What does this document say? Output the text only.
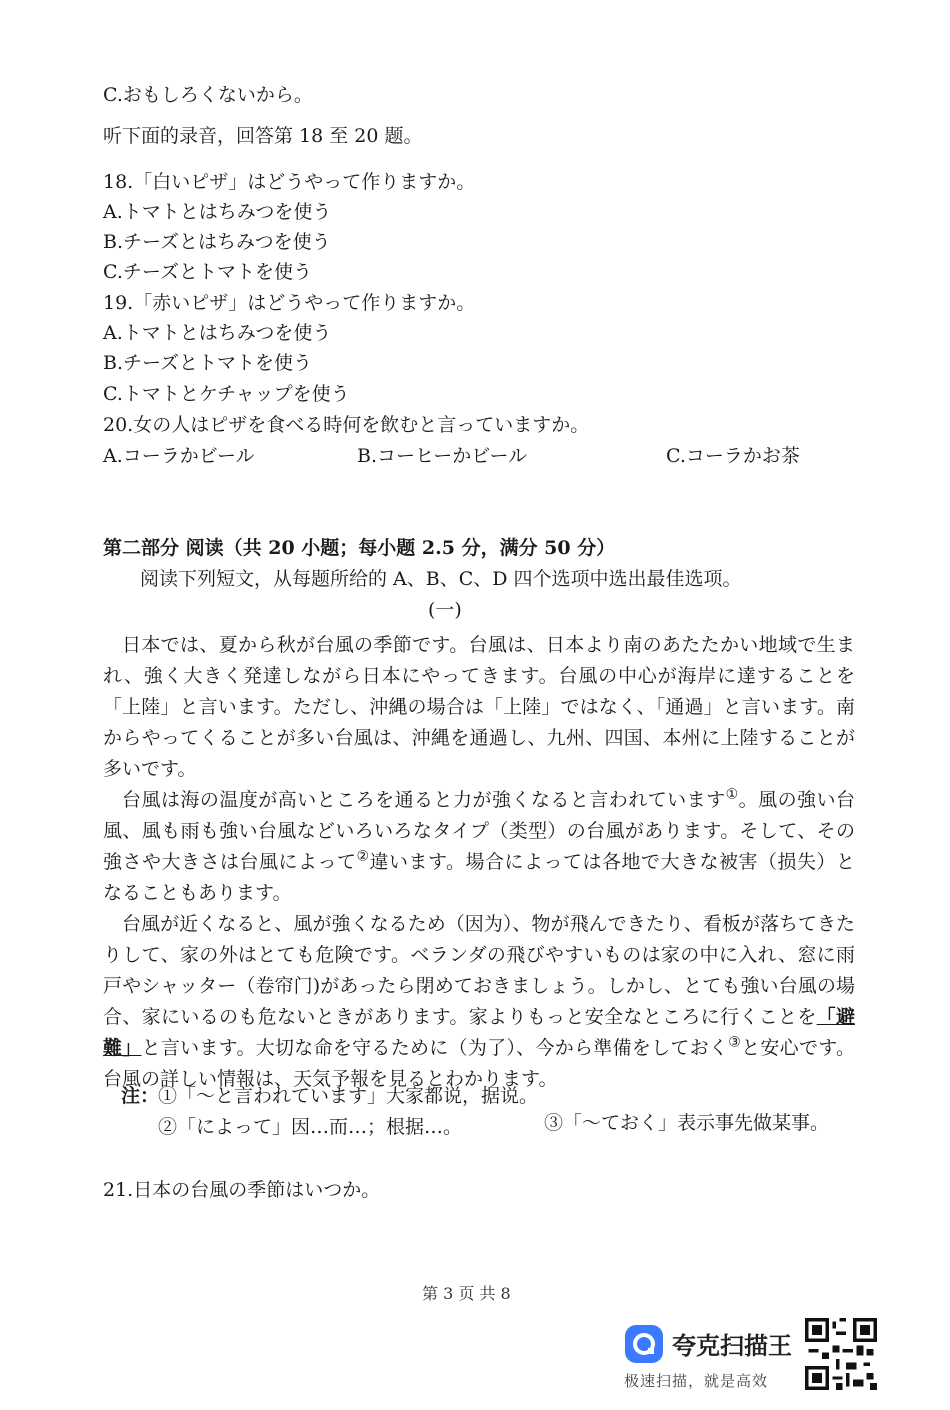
C.おもしろくないから。
听下面的录音，回答第 18 至 20 题。
18.「白いピザ」はどうやって作りますか。
A.トマトとはちみつを使う
B.チーズとはちみつを使う
C.チーズとトマトを使う
19.「赤いピザ」はどうやって作りますか。
A.トマトとはちみつを使う
B.チーズとトマトを使う
C.トマトとケチャップを使う
20.女の人はピザを食べる時何を飲むと言っていますか。
A.コーラかビール	B.コーヒーかビール	C.コーラかお茶
第二部分 阅读（共 20 小题；每小题 2.5 分，满分 50 分）
阅读下列短文，从每题所给的 A、B、C、D 四个选项中选出最佳选项。
(一)

日本では、夏から秋が台風の季節です。台風は、日本より南のあたたかい地域で生まれ、強く大きく発達しながら日本にやってきます。台風の中心が海岸に達することを「上陸」と言います。ただし、沖縄の場合は「上陸」ではなく、「通過」と言います。南からやってくることが多い台風は、沖縄を通過し、九州、四国、本州に上陸することが多いです。

台風は海の温度が高いところを通ると力が強くなると言われています①。風の強い台風、風も雨も強い台風などいろいろなタイプ（类型）の台風があります。そして、その強さや大きさは台風によって②違います。場合によっては各地で大きな被害（损失）となることもあります。

台風が近くなると、風が強くなるため（因为）、物が飛んできたり、看板が落ちてきたりして、家の外はとても危険です。ベランダの飛びやすいものは家の中に入れ、窓に雨戸やシャッター（卷帘门)があったら閉めておきましょう。しかし、とても強い台風の場合、家にいるのも危ないときがあります。家よりもっと安全なところに行くことを「避難」と言います。大切な命を守るために（为了）、今から準備をしておく③と安心です。台風の詳しい情報は、天気予報を見るとわかります。

注：
①「～と言われています」大家都说，据说。
②「によって」因…而…；根据…。	③「～ておく」表示事先做某事。
21.日本の台風の季節はいつか。
第 3 页 共 8
夸克扫描王
极速扫描，就是高效
